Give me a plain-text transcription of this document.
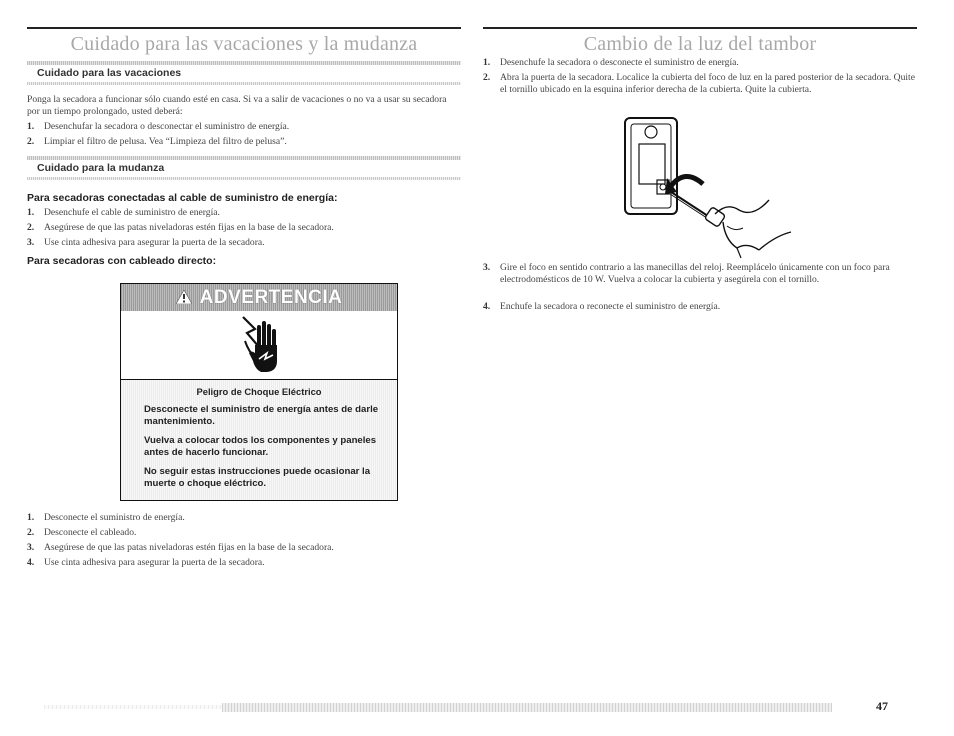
Cuidado para las vacaciones y la mudanza
Cuidado para las vacaciones
Ponga la secadora a funcionar sólo cuando esté en casa. Si va a salir de vacaciones o no va a usar su secadora por un tiempo prolongado, usted deberá:
1. Desenchufar la secadora o desconectar el suministro de energía.
2. Limpiar el filtro de pelusa. Vea “Limpieza del filtro de pelusa”.
Cuidado para la mudanza
Para secadoras conectadas al cable de suministro de energía:
1. Desenchufe el cable de suministro de energía.
2. Asegúrese de que las patas niveladoras estén fijas en la base de la secadora.
3. Use cinta adhesiva para asegurar la puerta de la secadora.
Para secadoras con cableado directo:
ADVERTENCIA
Peligro de Choque Eléctrico
Desconecte el suministro de energía antes de darle mantenimiento.
Vuelva a colocar todos los componentes y paneles antes de hacerlo funcionar.
No seguir estas instrucciones puede ocasionar la muerte o choque eléctrico.
1. Desconecte el suministro de energía.
2. Desconecte el cableado.
3. Asegúrese de que las patas niveladoras estén fijas en la base de la secadora.
4. Use cinta adhesiva para asegurar la puerta de la secadora.
Cambio de la luz del tambor
1. Desenchufe la secadora o desconecte el suministro de energía.
2. Abra la puerta de la secadora. Localice la cubierta del foco de luz en la pared posterior de la secadora. Quite el tornillo ubicado en la esquina inferior derecha de la cubierta. Quite la cubierta.
3. Gire el foco en sentido contrario a las manecillas del reloj. Reemplácelo únicamente con un foco para electrodomésticos de 10 W. Vuelva a colocar la cubierta y asegúrela con el tornillo.
4. Enchufe la secadora o reconecte el suministro de energía.
47
